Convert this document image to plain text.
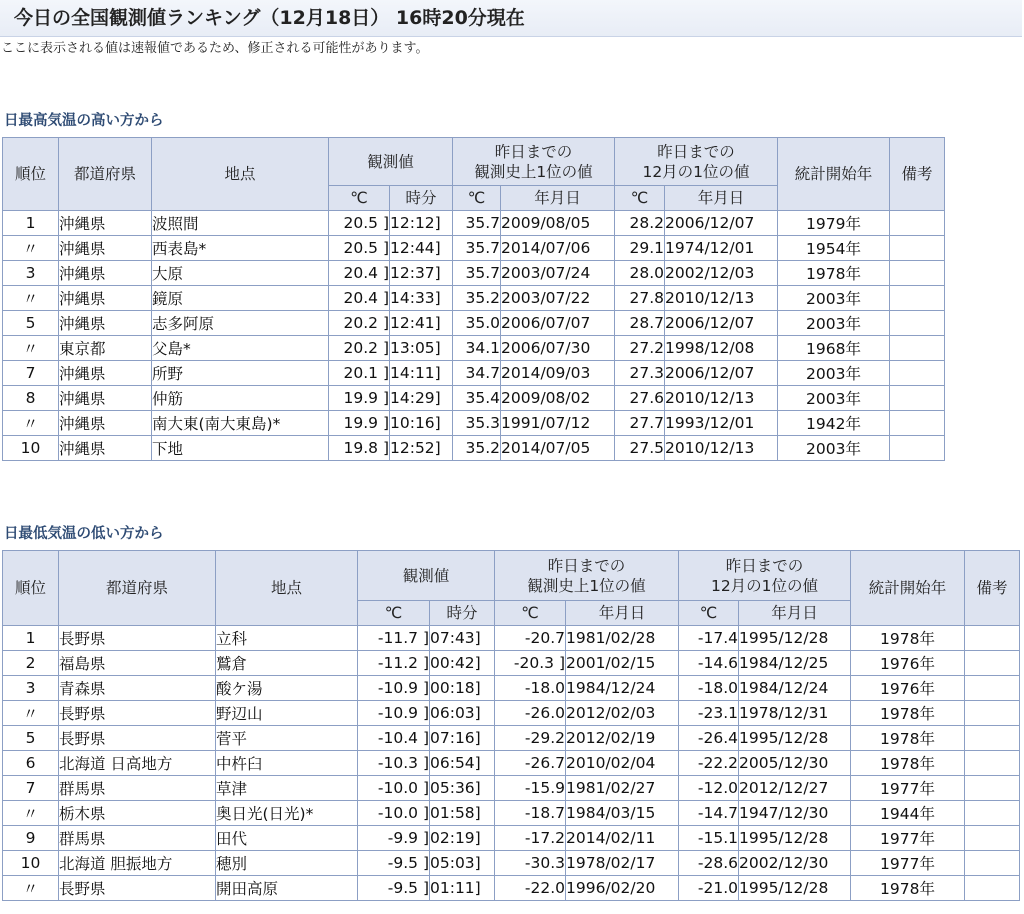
今日の全国観測値ランキング（12月18日） 16時20分現在
ここに表示される値は速報値であるため、修正される可能性があります。
日最高気温の高い方から
順位	都道府県	地点	観測値		昨日までの
観測史上1位の値		昨日までの
12月の1位の値		統計開始年	備考
			℃	時分	℃	年月日	℃	年月日		
1	沖縄県	波照間	20.5 ]	12:12]	35.7	2009/08/05	28.2	2006/12/07	1979年	
〃	沖縄県	西表島*	20.5 ]	12:44]	35.7	2014/07/06	29.1	1974/12/01	1954年	
3	沖縄県	大原	20.4 ]	12:37]	35.7	2003/07/24	28.0	2002/12/03	1978年	
〃	沖縄県	鏡原	20.4 ]	14:33]	35.2	2003/07/22	27.8	2010/12/13	2003年	
5	沖縄県	志多阿原	20.2 ]	12:41]	35.0	2006/07/07	28.7	2006/12/07	2003年	
〃	東京都	父島*	20.2 ]	13:05]	34.1	2006/07/30	27.2	1998/12/08	1968年	
7	沖縄県	所野	20.1 ]	14:11]	34.7	2014/09/03	27.3	2006/12/07	2003年	
8	沖縄県	仲筋	19.9 ]	14:29]	35.4	2009/08/02	27.6	2010/12/13	2003年	
〃	沖縄県	南大東(南大東島)*	19.9 ]	10:16]	35.3	1991/07/12	27.7	1993/12/01	1942年	
10	沖縄県	下地	19.8 ]	12:52]	35.2	2014/07/05	27.5	2010/12/13	2003年	
日最低気温の低い方から
順位	都道府県	地点	観測値		昨日までの
観測史上1位の値		昨日までの
12月の1位の値		統計開始年	備考
			℃	時分	℃	年月日	℃	年月日		
1	長野県	立科	-11.7 ]	07:43]	-20.7	1981/02/28	-17.4	1995/12/28	1978年	
2	福島県	鷲倉	-11.2 ]	00:42]	-20.3 ]	2001/02/15	-14.6	1984/12/25	1976年	
3	青森県	酸ケ湯	-10.9 ]	00:18]	-18.0	1984/12/24	-18.0	1984/12/24	1976年	
〃	長野県	野辺山	-10.9 ]	06:03]	-26.0	2012/02/03	-23.1	1978/12/31	1978年	
5	長野県	菅平	-10.4 ]	07:16]	-29.2	2012/02/19	-26.4	1995/12/28	1978年	
6	北海道 日高地方	中杵臼	-10.3 ]	06:54]	-26.7	2010/02/04	-22.2	2005/12/30	1978年	
7	群馬県	草津	-10.0 ]	05:36]	-15.9	1981/02/27	-12.0	2012/12/27	1977年	
〃	栃木県	奥日光(日光)*	-10.0 ]	01:58]	-18.7	1984/03/15	-14.7	1947/12/30	1944年	
9	群馬県	田代	-9.9 ]	02:19]	-17.2	2014/02/11	-15.1	1995/12/28	1977年	
10	北海道 胆振地方	穂別	-9.5 ]	05:03]	-30.3	1978/02/17	-28.6	2002/12/30	1977年	
〃	長野県	開田高原	-9.5 ]	01:11]	-22.0	1996/02/20	-21.0	1995/12/28	1978年	
